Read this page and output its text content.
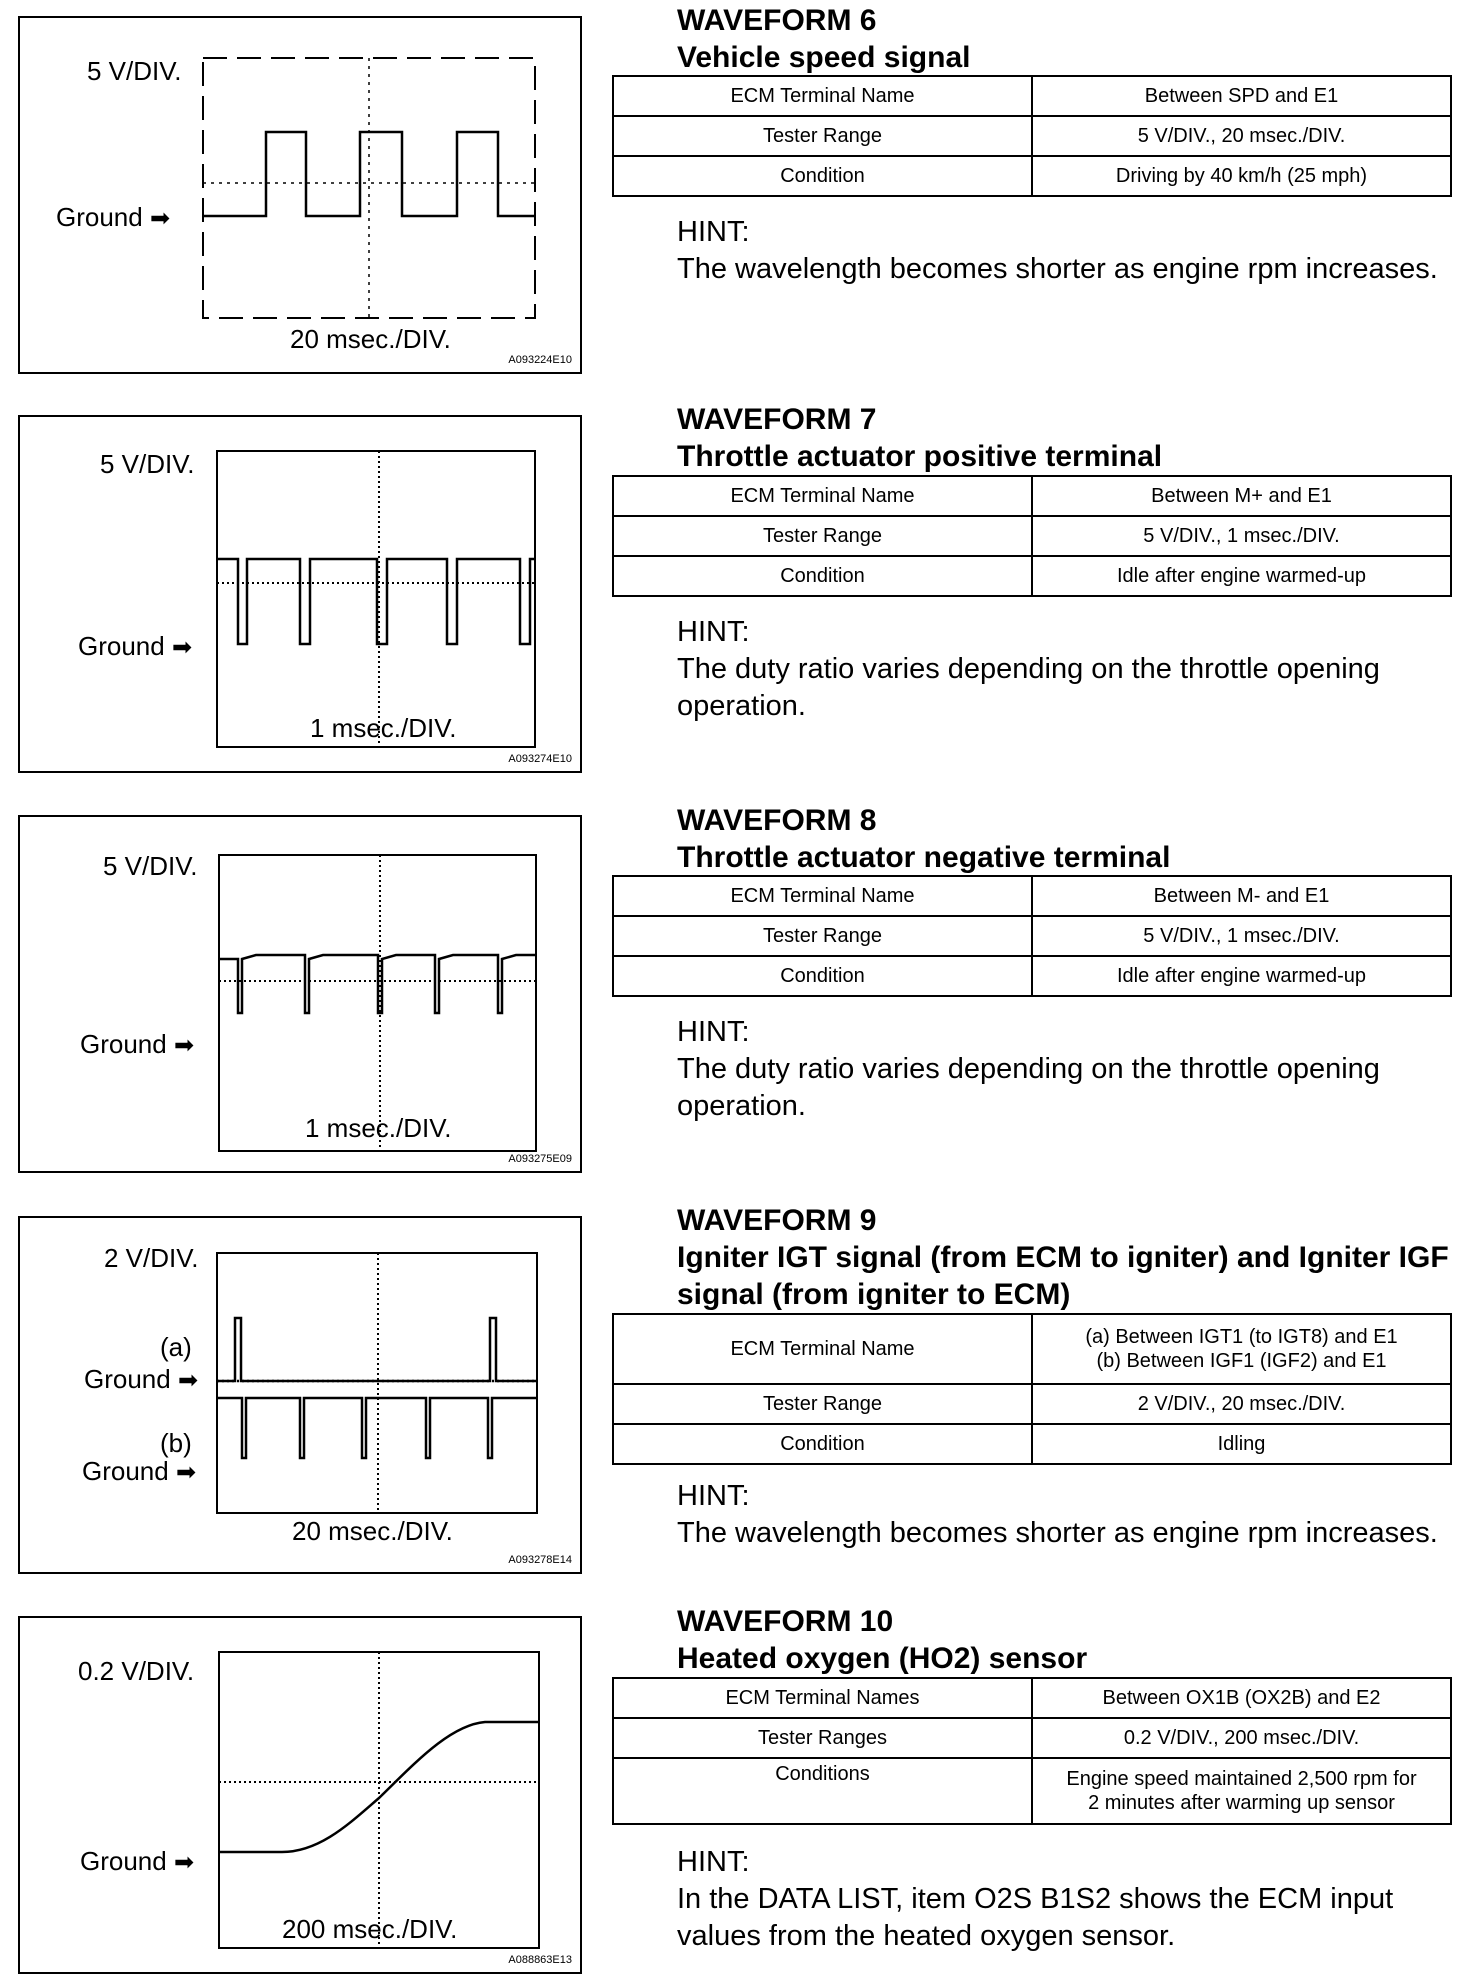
5 V/DIV.
Ground ➡
20 msec./DIV.
A093224E10
WAVEFORM 6
Vehicle speed signal
ECM Terminal Name	Between SPD and E1
Tester Range	5 V/DIV., 20 msec./DIV.
Condition	Driving by 40 km/h (25 mph)
HINT:
The wavelength becomes shorter as engine rpm increases.
5 V/DIV.
Ground ➡
1 msec./DIV.
A093274E10
WAVEFORM 7
Throttle actuator positive terminal
ECM Terminal Name	Between M+ and E1
Tester Range	5 V/DIV., 1 msec./DIV.
Condition	Idle after engine warmed-up
HINT:
The duty ratio varies depending on the throttle opening operation.
5 V/DIV.
Ground ➡
1 msec./DIV.
A093275E09
WAVEFORM 8
Throttle actuator negative terminal
ECM Terminal Name	Between M- and E1
Tester Range	5 V/DIV., 1 msec./DIV.
Condition	Idle after engine warmed-up
HINT:
The duty ratio varies depending on the throttle opening operation.
2 V/DIV.
(a)
Ground ➡
(b)
Ground ➡
20 msec./DIV.
A093278E14
WAVEFORM 9
Igniter IGT signal (from ECM to igniter) and Igniter IGF signal (from igniter to ECM)
ECM Terminal Name	(a) Between IGT1 (to IGT8) and E1
(b) Between IGF1 (IGF2) and E1

Tester Range	2 V/DIV., 20 msec./DIV.
Condition	Idling
HINT:
The wavelength becomes shorter as engine rpm increases.
0.2 V/DIV.
Ground ➡
200 msec./DIV.
A088863E13
WAVEFORM 10
Heated oxygen (HO2) sensor
ECM Terminal Names	Between OX1B (OX2B) and E2
Tester Ranges	0.2 V/DIV., 200 msec./DIV.
Conditions	Engine speed maintained 2,500 rpm for
2 minutes after warming up sensor
HINT:
In the DATA LIST, item O2S B1S2 shows the ECM input values from the heated oxygen sensor.
